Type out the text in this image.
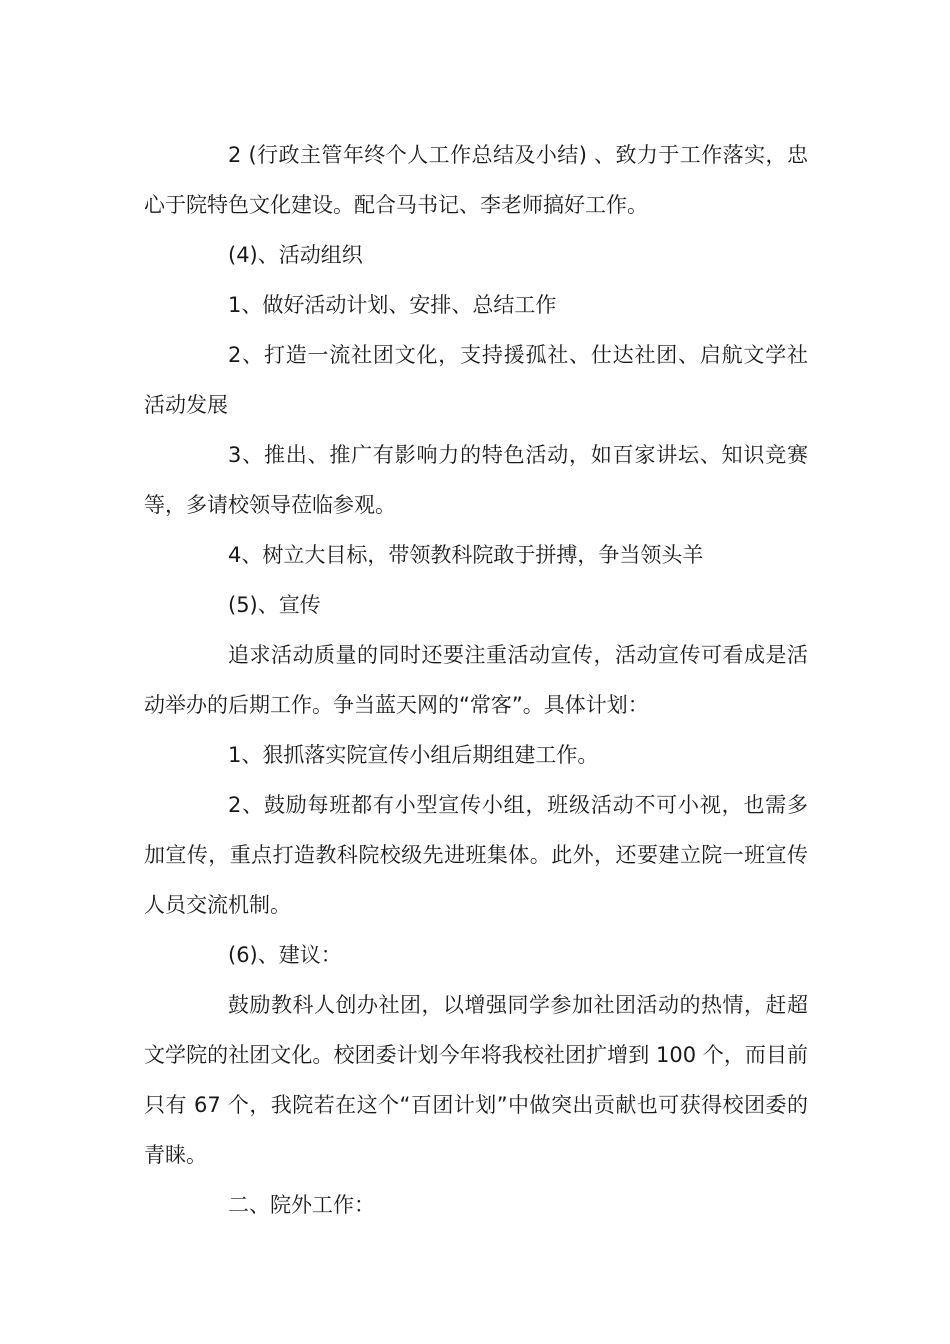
2 (行政主管年终个人工作总结及小结) 、致力于工作落实，忠心于院特色文化建设。配合马书记、李老师搞好工作。

(4)、活动组织

1、做好活动计划、安排、总结工作

2、打造一流社团文化，支持援孤社、仕达社团、启航文学社活动发展

3、推出、推广有影响力的特色活动，如百家讲坛、知识竞赛等，多请校领导莅临参观。

4、树立大目标，带领教科院敢于拼搏，争当领头羊

(5)、宣传

追求活动质量的同时还要注重活动宣传，活动宣传可看成是活动举办的后期工作。争当蓝天网的“常客”。具体计划：

1、狠抓落实院宣传小组后期组建工作。

2、鼓励每班都有小型宣传小组，班级活动不可小视，也需多加宣传，重点打造教科院校级先进班集体。此外，还要建立院一班宣传人员交流机制。

(6)、建议：

鼓励教科人创办社团，以增强同学参加社团活动的热情，赶超文学院的社团文化。校团委计划今年将我校社团扩增到 100 个，而目前只有 67 个，我院若在这个“百团计划”中做突出贡献也可获得校团委的青睐。

二、院外工作：
